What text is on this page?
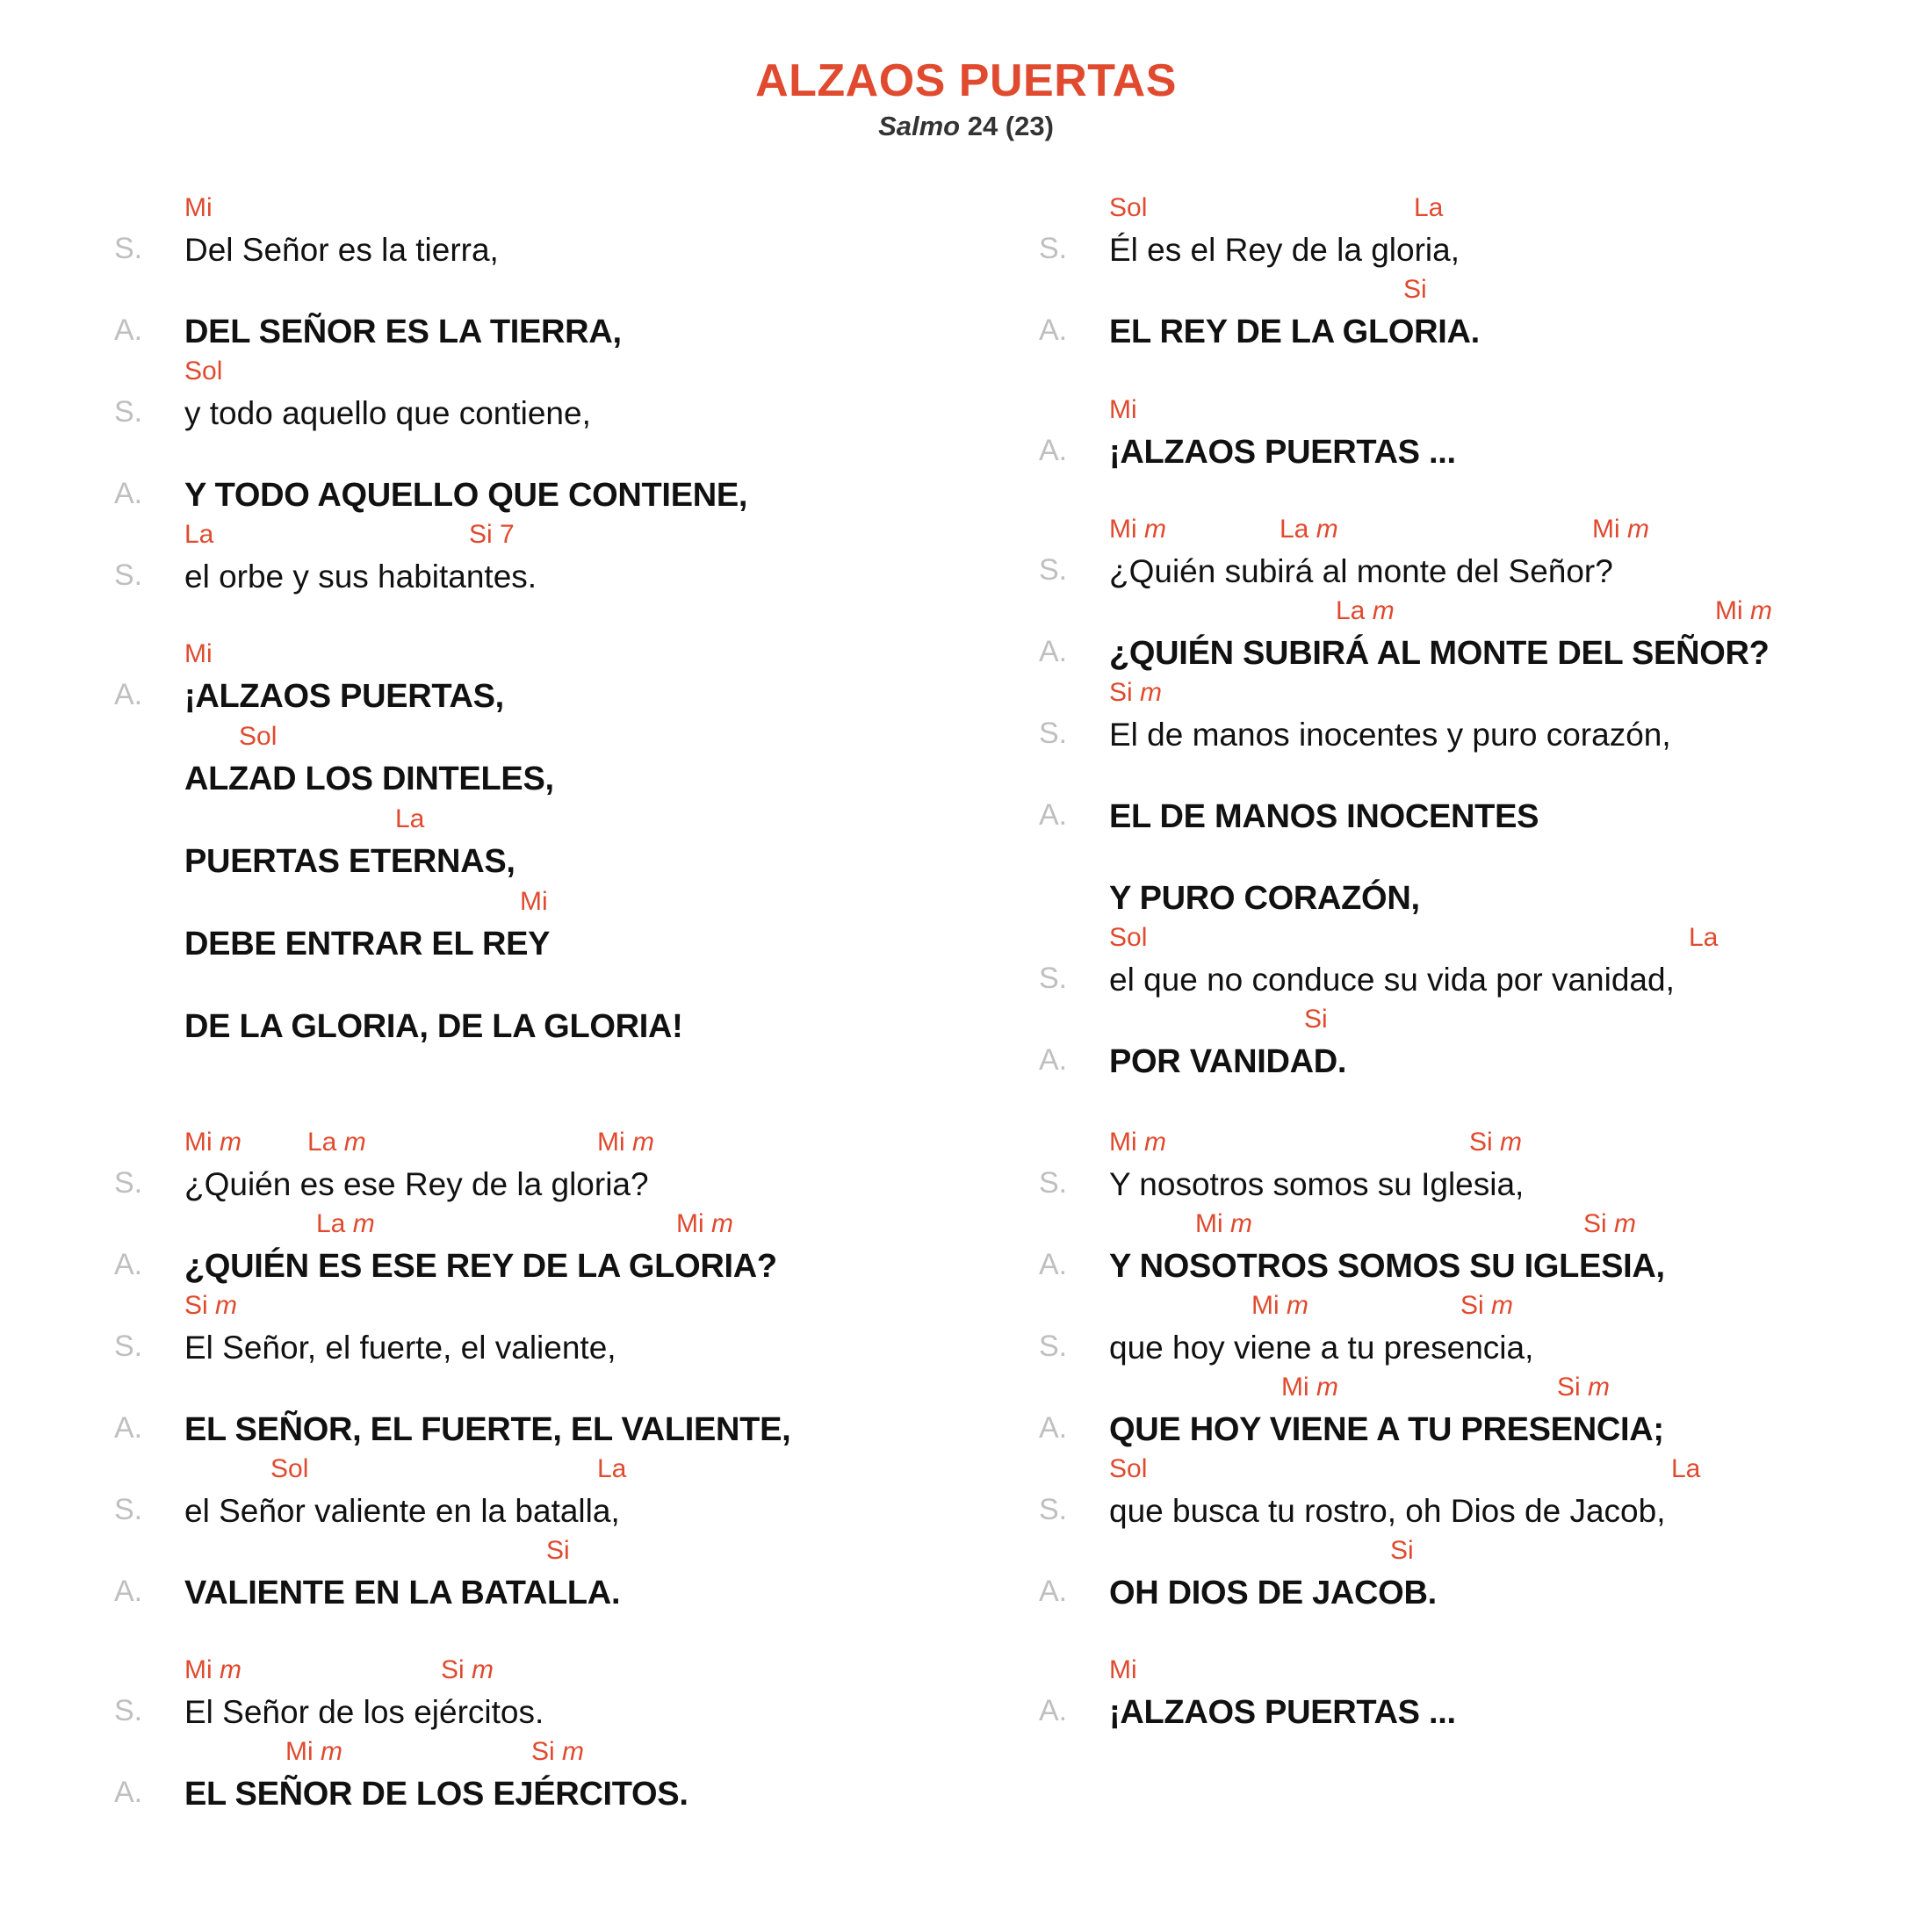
ALZAOS PUERTAS
Salmo 24 (23)
S. Del Señor es la tierra,
Mi
A. DEL SEÑOR ES LA TIERRA,
S. y todo aquello que contiene,
Sol
A. Y TODO AQUELLO QUE CONTIENE,
S. el orbe y sus habitantes.
La	Si 7
A. ¡ALZAOS PUERTAS,
Mi
ALZAD LOS DINTELES,
Sol
PUERTAS ETERNAS,
La
DEBE ENTRAR EL REY
Mi
DE LA GLORIA, DE LA GLORIA!
S. ¿Quién es ese Rey de la gloria?
Mi m	La m	Mi m
A. ¿QUIÉN ES ESE REY DE LA GLORIA?
La m	Mi m
S. El Señor, el fuerte, el valiente,
Si m
A. EL SEÑOR, EL FUERTE, EL VALIENTE,
S. el Señor valiente en la batalla,
Sol	La
A. VALIENTE EN LA BATALLA.
Si
S. El Señor de los ejércitos.
Mi m	Si m
A. EL SEÑOR DE LOS EJÉRCITOS.
Mi m	Si m
S. Él es el Rey de la gloria,
Sol	La
A. EL REY DE LA GLORIA.
Si
A. ¡ALZAOS PUERTAS ...
Mi
S. ¿Quién subirá al monte del Señor?
Mi m	La m	Mi m
A. ¿QUIÉN SUBIRÁ AL MONTE DEL SEÑOR?
La m	Mi m
S. El de manos inocentes y puro corazón,
Si m
A. EL DE MANOS INOCENTES
Y PURO CORAZÓN,
S. el que no conduce su vida por vanidad,
Sol	La
A. POR VANIDAD.
Si
S. Y nosotros somos su Iglesia,
Mi m	Si m
A. Y NOSOTROS SOMOS SU IGLESIA,
Mi m	Si m
S. que hoy viene a tu presencia,
Mi m	Si m
A. QUE HOY VIENE A TU PRESENCIA;
Mi m	Si m
S. que busca tu rostro, oh Dios de Jacob,
Sol	La
A. OH DIOS DE JACOB.
Si
A. ¡ALZAOS PUERTAS ...
Mi
